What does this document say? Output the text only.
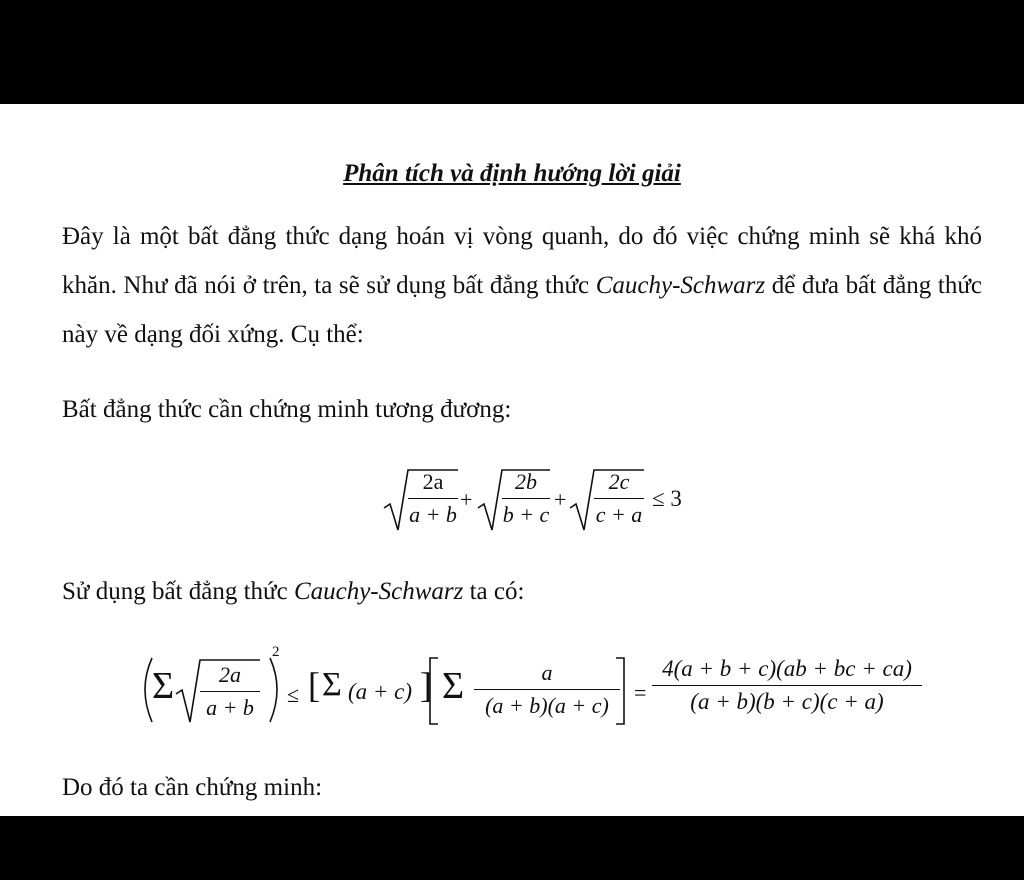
Phân tích và định hướng lời giải
Đây là một bất đẳng thức dạng hoán vị vòng quanh, do đó việc chứng minh sẽ khá khó khăn. Như đã nói ở trên, ta sẽ sử dụng bất đẳng thức Cauchy-Schwarz để đưa bất đẳng thức này về dạng đối xứng. Cụ thể:
Bất đẳng thức cần chứng minh tương đương:
2a
a + b
+
2b
b + c
+
2c
c + a
≤ 3
Sử dụng bất đẳng thức Cauchy-Schwarz ta có:
Σ	2a
a + b
2
≤ [ Σ (a + c) ] Σ	a
(a + b)(a + c)
=
4(a + b + c)(ab + bc + ca)
(a + b)(b + c)(c + a)
Do đó ta cần chứng minh:
